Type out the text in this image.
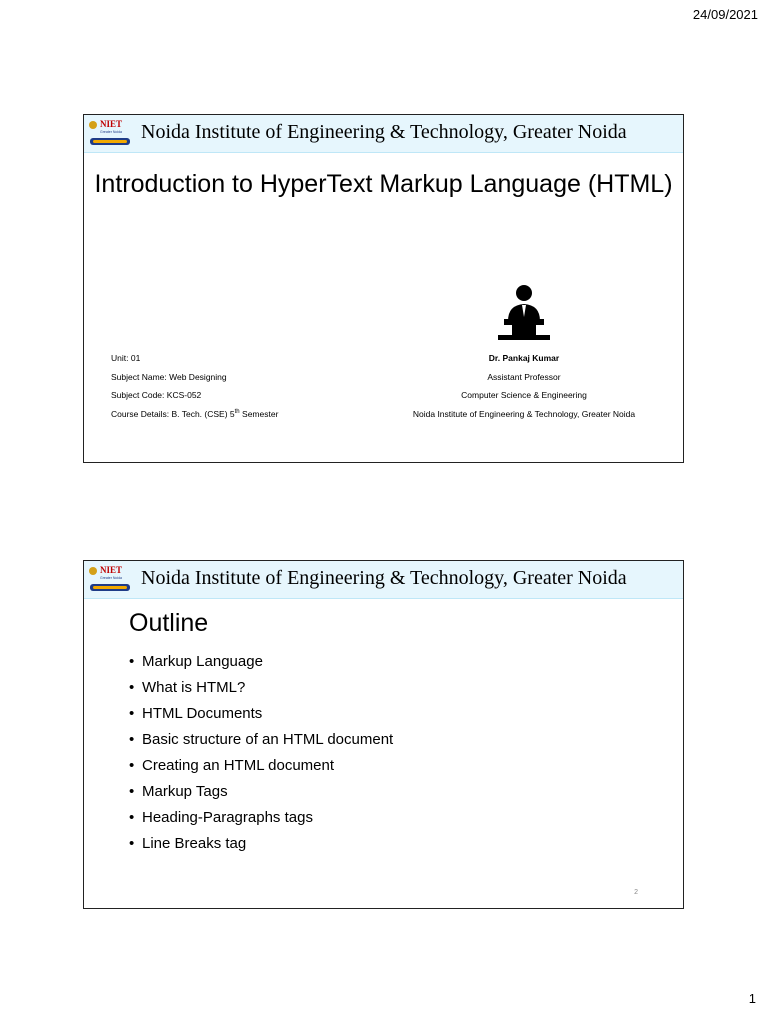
24/09/2021
NIET
Greater Noida Noida Institute of Engineering & Technology, Greater Noida
Introduction to HyperText Markup Language (HTML)
Unit: 01
Subject Name: Web Designing
Subject Code: KCS-052
Course Details: B. Tech. (CSE) 5th Semester
Dr. Pankaj Kumar
Assistant Professor
Computer Science & Engineering
Noida Institute of Engineering & Technology, Greater Noida
NIET
Greater Noida Noida Institute of Engineering & Technology, Greater Noida
Outline
• Markup Language
• What is HTML?
• HTML Documents
• Basic structure of an HTML document
• Creating an HTML document
• Markup Tags
• Heading-Paragraphs tags
• Line Breaks tag
2
1
